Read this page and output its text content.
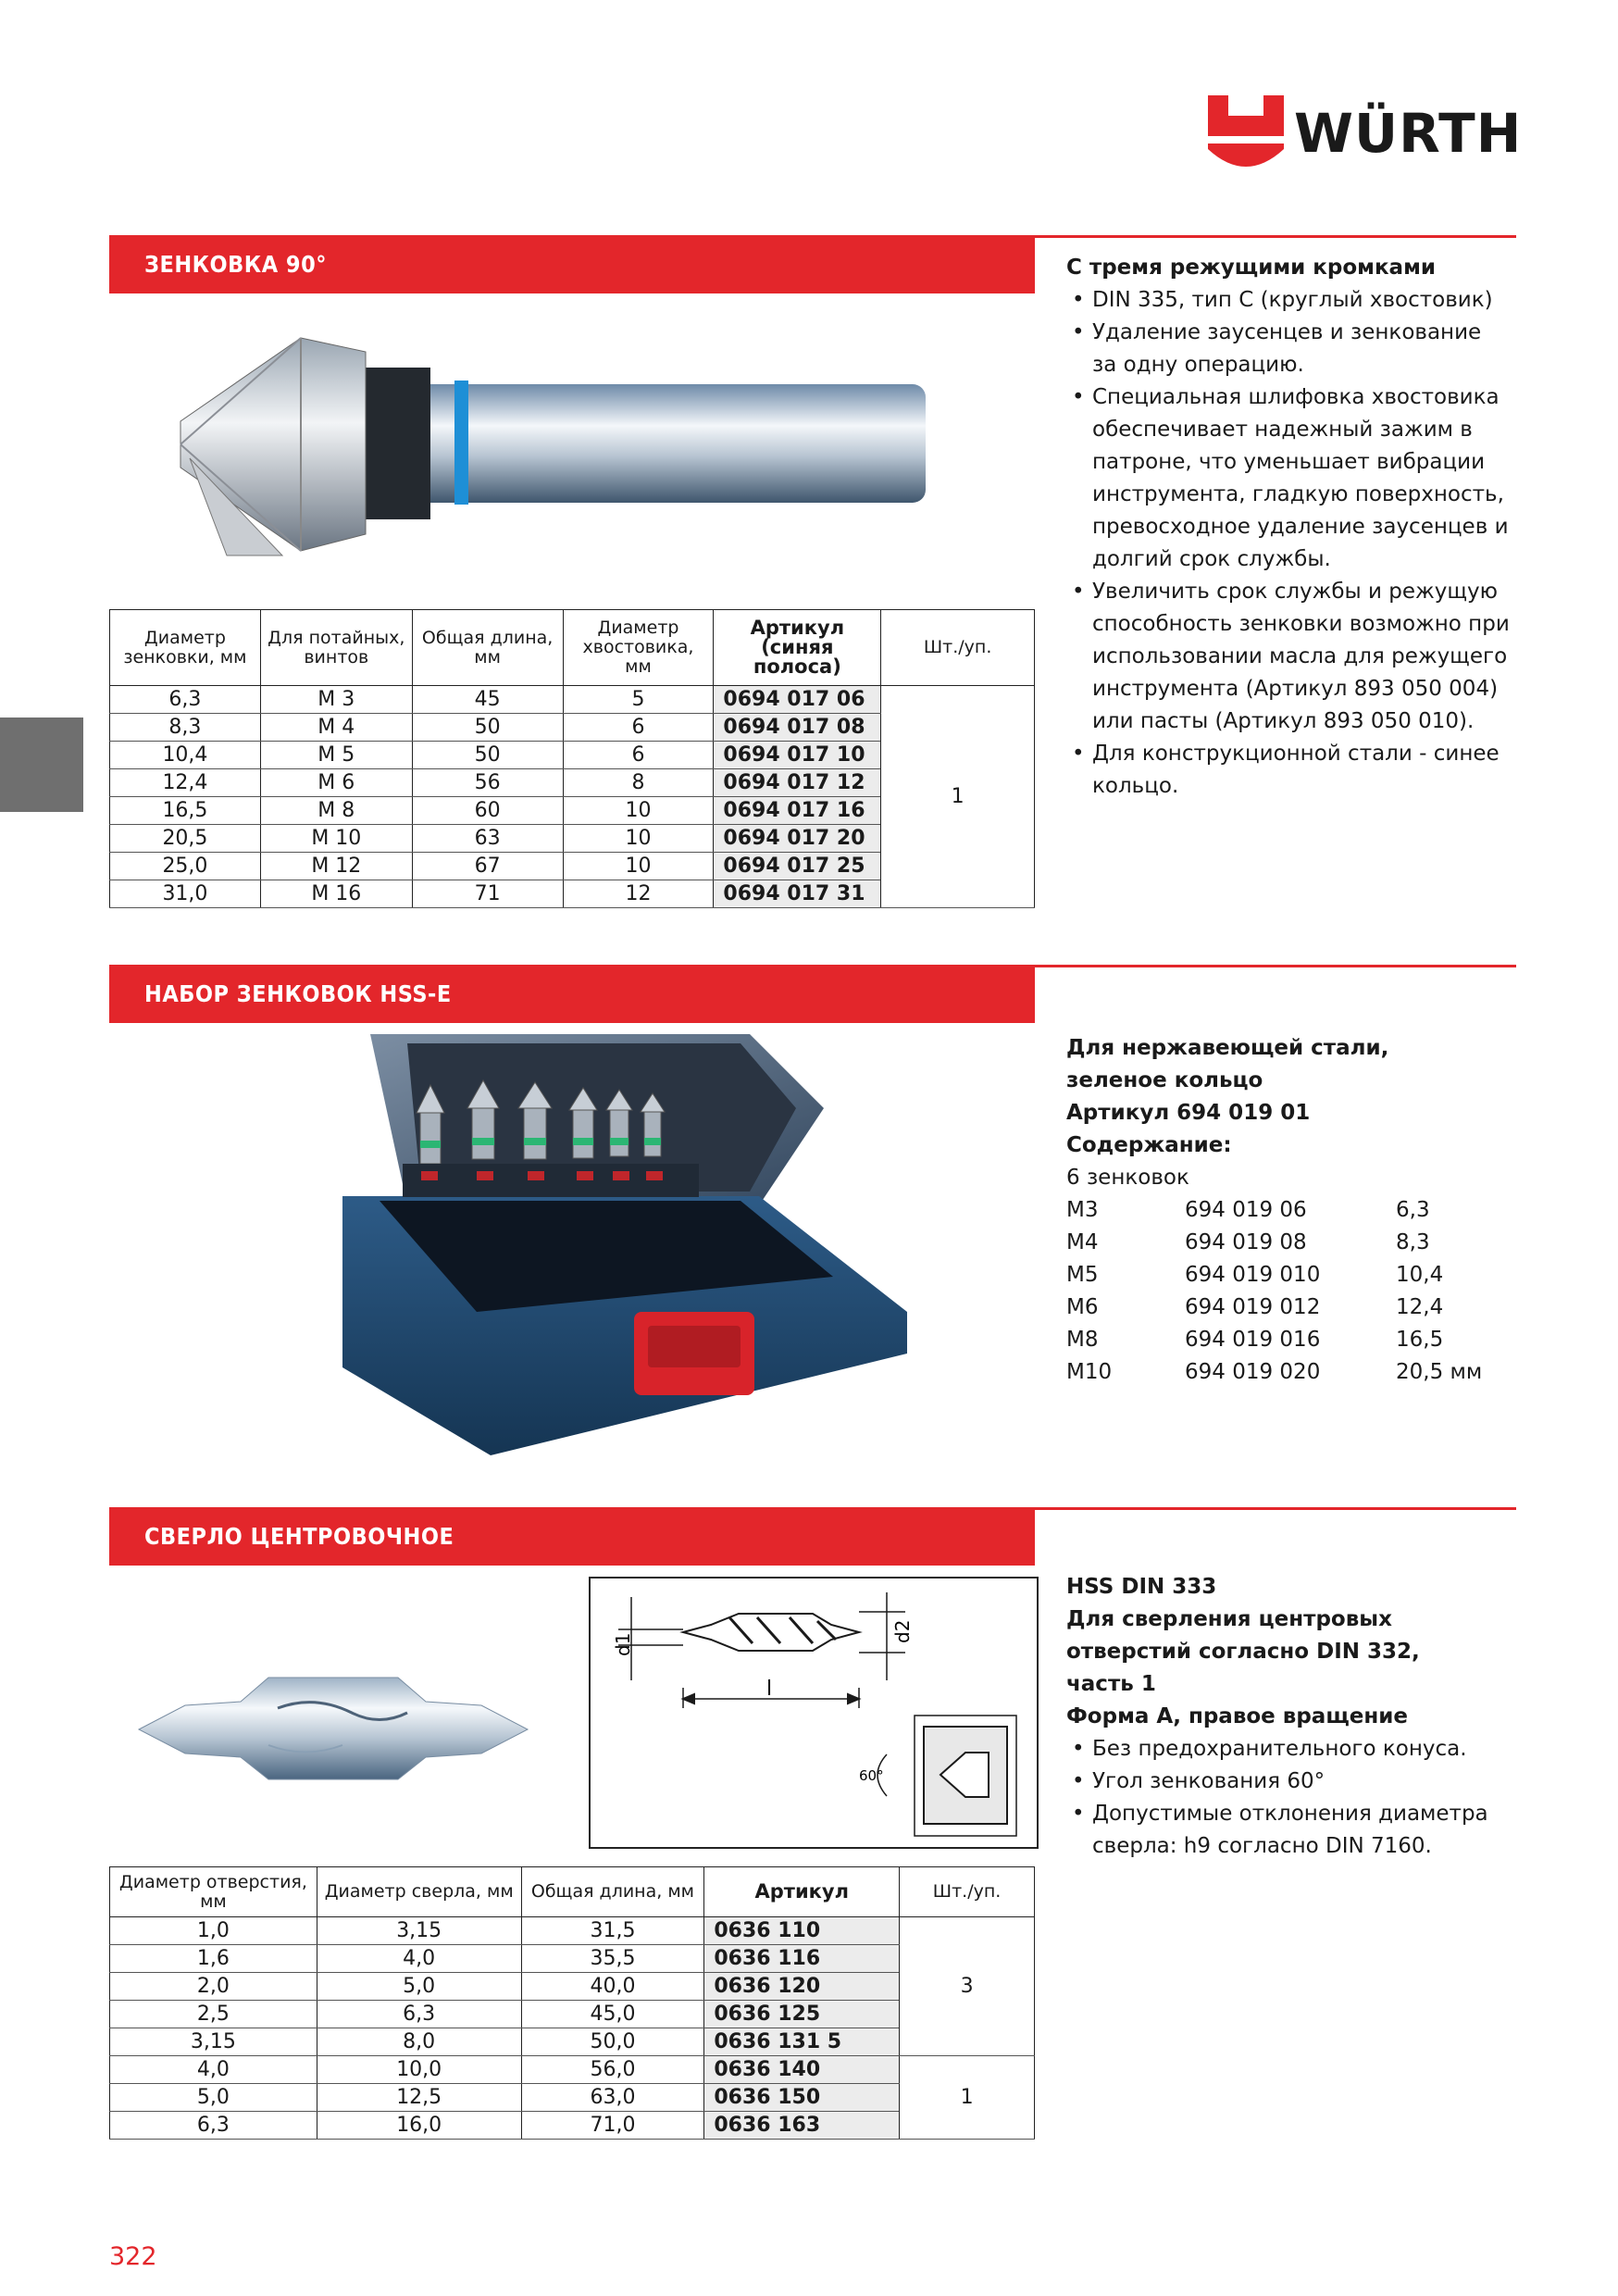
WÜRTH
ЗЕНКОВКА 90°
Диаметр зенковки, мм	Для потайных, винтов	Общая длина, мм	Диаметр хвостовика, мм	Артикул (синяя полоса)	Шт./уп.
6,3	M 3	45	5	0694 017 06	1
8,3	M 4	50	6	0694 017 08	
10,4	M 5	50	6	0694 017 10	
12,4	M 6	56	8	0694 017 12	
16,5	M 8	60	10	0694 017 16	
20,5	M 10	63	10	0694 017 20	
25,0	M 12	67	10	0694 017 25	
31,0	M 16	71	12	0694 017 31	
С тремя режущими кромками
• DIN 335, тип С (круглый хвостовик)
• Удаление заусенцев и зенкование за одну операцию.
• Специальная шлифовка хвостовика обеспечивает надежный зажим в патроне, что уменьшает вибрации инструмента, гладкую поверхность, превосходное удаление заусенцев и долгий срок службы.
• Увеличить срок службы и режущую способность зенковки возможно при использовании масла для режущего инструмента (Артикул 893 050 004) или пасты (Артикул 893 050 010).
• Для конструкционной стали - синее кольцо.
НАБОР ЗЕНКОВОК HSS-E
Для нержавеющей стали,
зеленое кольцо
Артикул 694 019 01
Содержание:
6 зенковок
M3	694 019 06	6,3
M4	694 019 08	8,3
M5	694 019 010	10,4
M6	694 019 012	12,4
M8	694 019 016	16,5
M10	694 019 020	20,5 мм
СВЕРЛО ЦЕНТРОВОЧНОЕ
d1
d2
l
60°
Диаметр отверстия, мм	Диаметр сверла, мм	Общая длина, мм	Артикул	Шт./уп.
1,0	3,15	31,5	0636 110	3
1,6	4,0	35,5	0636 116	
2,0	5,0	40,0	0636 120	
2,5	6,3	45,0	0636 125	
3,15	8,0	50,0	0636 131 5	
4,0	10,0	56,0	0636 140	1
5,0	12,5	63,0	0636 150	
6,3	16,0	71,0	0636 163	
HSS DIN 333
Для сверления центровых
отверстий согласно DIN 332,
часть 1
Форма А, правое вращение
• Без предохранительного конуса.
• Угол зенкования 60°
• Допустимые отклонения диаметра сверла: h9 согласно DIN 7160.
322
